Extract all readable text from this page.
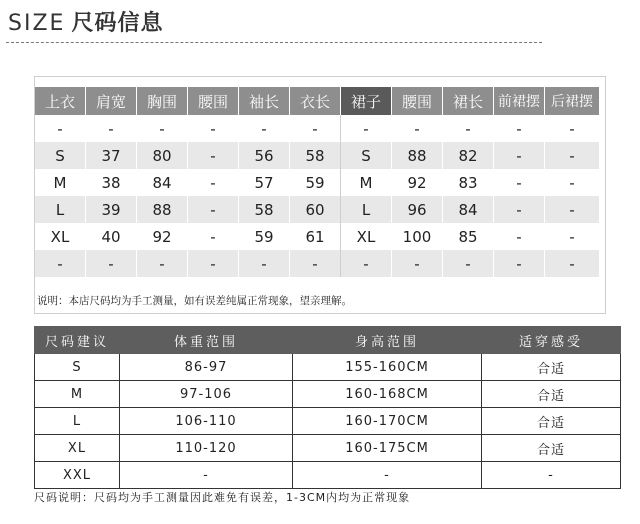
SIZE 尺码信息
上衣	肩宽	胸围	腰围	袖长	衣长	裙子	腰围	裙长	前裙摆	后裙摆
-	-	-	-	-	-	-	-	-	-	-
S	37	80	-	56	58	S	88	82	-	-
M	38	84	-	57	59	M	92	83	-	-
L	39	88	-	58	60	L	96	84	-	-
XL	40	92	-	59	61	XL	100	85	-	-
-	-	-	-	-	-	-	-	-	-	-
说明：本店尺码均为手工测量，如有误差纯属正常现象，望亲理解。
尺码建议	体重范围	身高范围	适穿感受
S	86-97	155-160CM	合适
M	97-106	160-168CM	合适
L	106-110	160-170CM	合适
XL	110-120	160-175CM	合适
XXL	-	-	-
尺码说明：尺码均为手工测量因此难免有误差，1-3CM内均为正常现象
